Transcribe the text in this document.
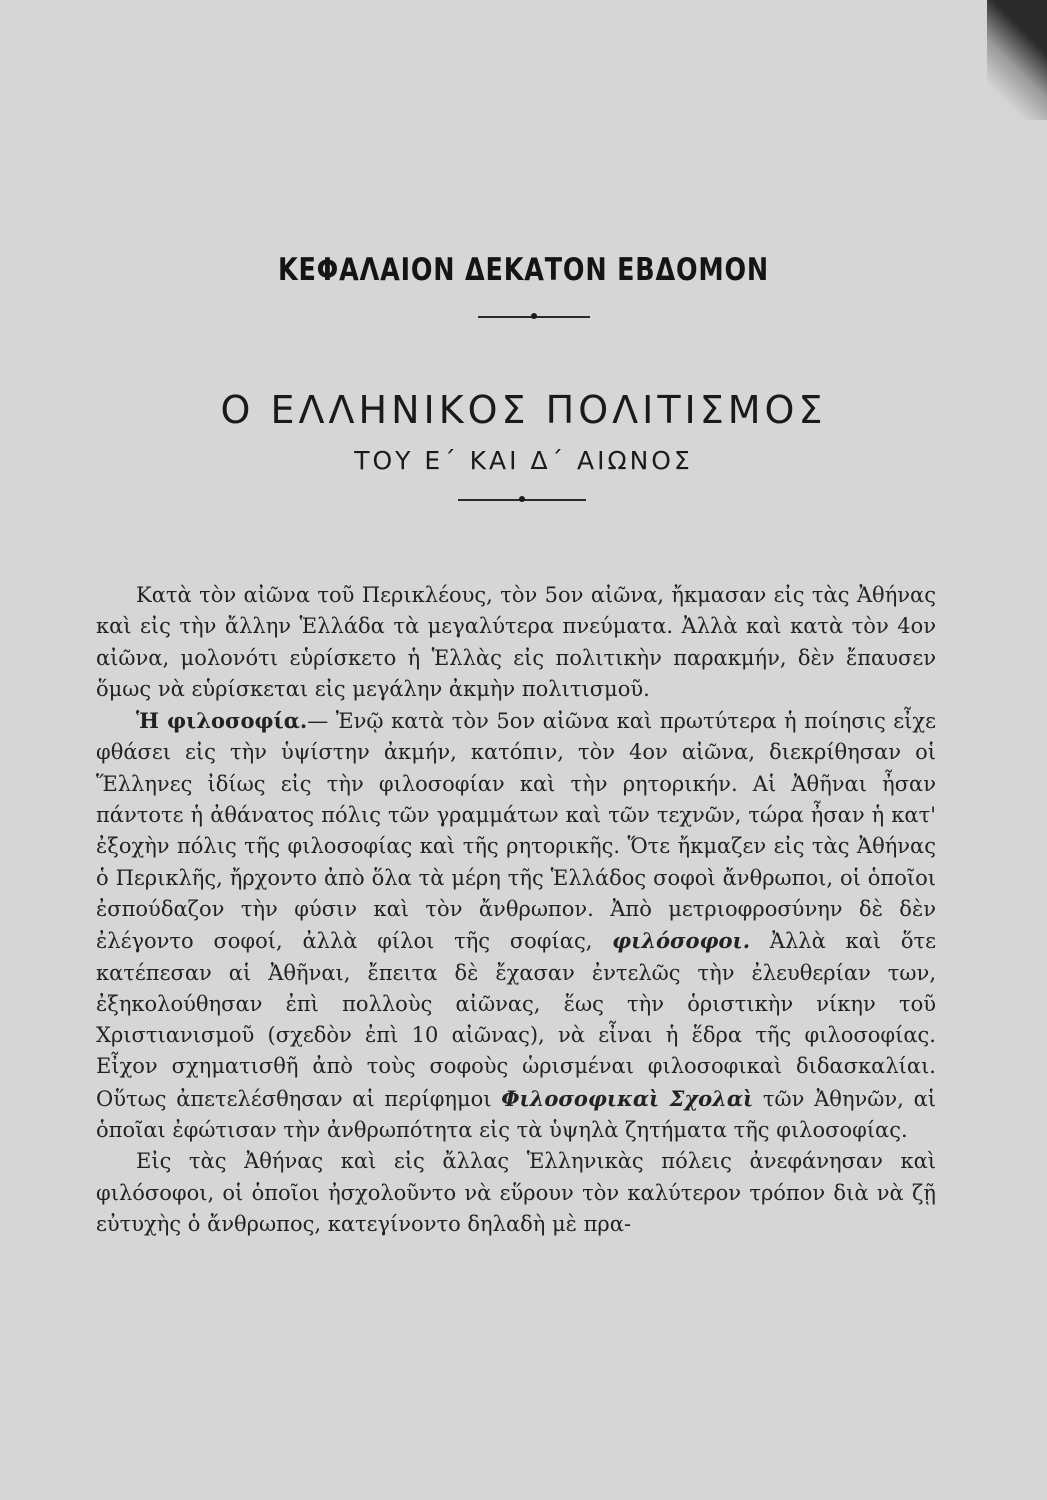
ΚΕΦΑΛΑΙΟΝ ΔΕΚΑΤΟΝ ΕΒΔΟΜΟΝ
Ο ΕΛΛΗΝΙΚΟΣ ΠΟΛΙΤΙΣΜΟΣ
ΤΟΥ Ε΄ ΚΑΙ Δ΄ ΑΙΩΝΟΣ

Κατὰ τὸν αἰῶνα τοῦ Περικλέους, τὸν 5ον αἰῶνα, ἤκμασαν εἰς τὰς Ἀθήνας καὶ εἰς τὴν ἄλλην Ἑλλάδα τὰ μεγαλύτερα πνεύματα. Ἀλλὰ καὶ κατὰ τὸν 4ον αἰῶνα, μολονότι εὑρίσκετο ἡ Ἑλλὰς εἰς πολιτικὴν παρακμήν, δὲν ἔπαυσεν ὅμως νὰ εὑρίσκεται εἰς μεγάλην ἀκμὴν πολιτισμοῦ.

Ἡ φιλοσοφία.— Ἐνῷ κατὰ τὸν 5ον αἰῶνα καὶ πρωτύτερα ἡ ποίησις εἶχε φθάσει εἰς τὴν ὑψίστην ἀκμήν, κατόπιν, τὸν 4ον αἰῶνα, διεκρίθησαν οἱ Ἕλληνες ἰδίως εἰς τὴν φιλοσοφίαν καὶ τὴν ρητορικήν. Αἱ Ἀθῆναι ἦσαν πάντοτε ἡ ἀθάνατος πόλις τῶν γραμμάτων καὶ τῶν τεχνῶν, τώρα ἦσαν ἡ κατ' ἐξοχὴν πόλις τῆς φιλοσοφίας καὶ τῆς ρητορικῆς. Ὅτε ἤκμαζεν εἰς τὰς Ἀθήνας ὁ Περικλῆς, ἤρχοντο ἀπὸ ὅλα τὰ μέρη τῆς Ἑλλάδος σοφοὶ ἄνθρωποι, οἱ ὁποῖοι ἐσπούδαζον τὴν φύσιν καὶ τὸν ἄνθρωπον. Ἀπὸ μετριοφροσύνην δὲ δὲν ἐλέγοντο σοφοί, ἀλλὰ φίλοι τῆς σοφίας, φιλόσοφοι. Ἀλλὰ καὶ ὅτε κατέπεσαν αἱ Ἀθῆναι, ἔπειτα δὲ ἔχασαν ἐντελῶς τὴν ἐλευθερίαν των, ἐξηκολούθησαν ἐπὶ πολλοὺς αἰῶνας, ἕως τὴν ὁριστικὴν νίκην τοῦ Χριστιανισμοῦ (σχεδὸν ἐπὶ 10 αἰῶνας), νὰ εἶναι ἡ ἕδρα τῆς φιλοσοφίας. Εἶχον σχηματισθῆ ἀπὸ τοὺς σοφοὺς ὡρισμέναι φιλοσοφικαὶ διδασκαλίαι. Οὕτως ἀπετελέσθησαν αἱ περίφημοι Φιλοσοφικαὶ Σχολαὶ τῶν Ἀθηνῶν, αἱ ὁποῖαι ἐφώτισαν τὴν ἀνθρωπότητα εἰς τὰ ὑψηλὰ ζητήματα τῆς φιλοσοφίας.

Εἰς τὰς Ἀθήνας καὶ εἰς ἄλλας Ἑλληνικὰς πόλεις ἀνεφάνησαν καὶ φιλόσοφοι, οἱ ὁποῖοι ἠσχολοῦντο νὰ εὕρουν τὸν καλύτερον τρόπον διὰ νὰ ζῇ εὐτυχὴς ὁ ἄνθρωπος, κατεγίνοντο δηλαδὴ μὲ πρα-
